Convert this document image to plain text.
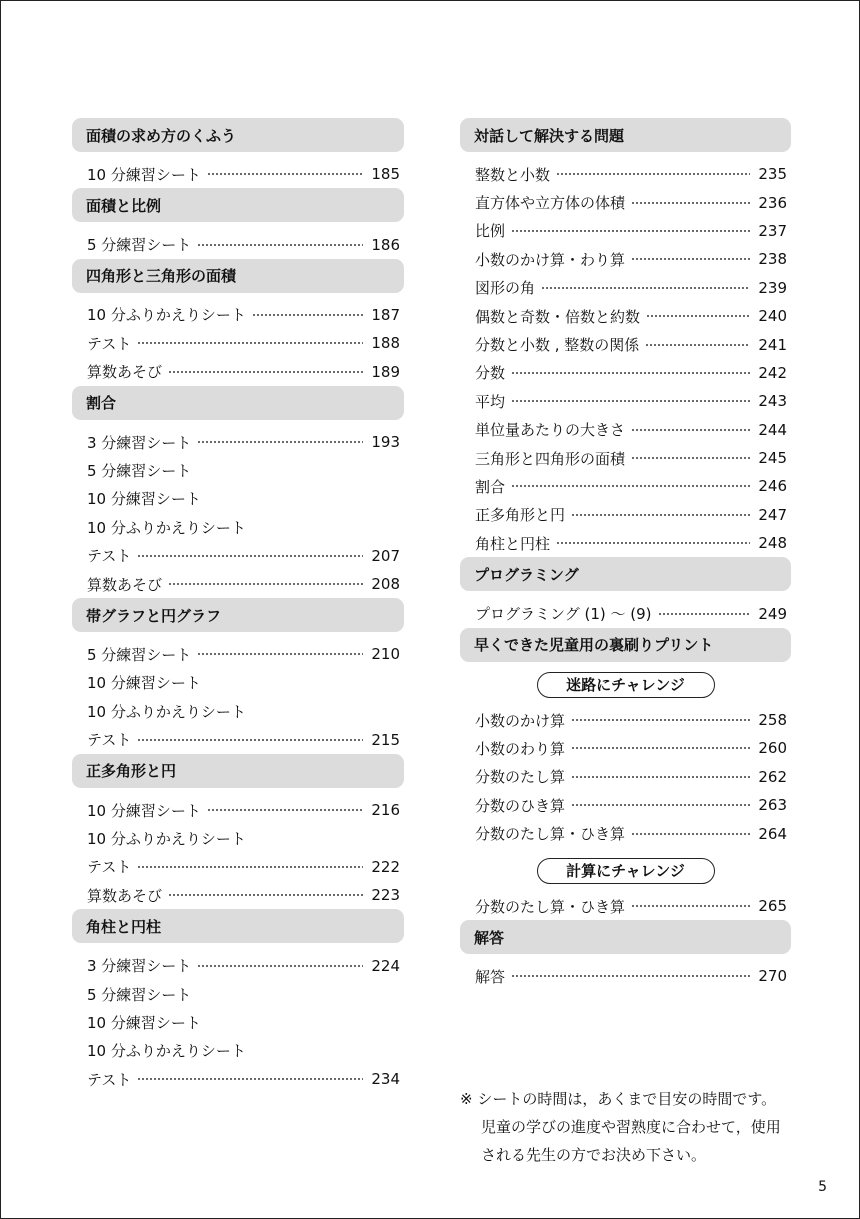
面積の求め方のくふう
10 分練習シート	185
面積と比例
5 分練習シート	186
四角形と三角形の面積
10 分ふりかえりシート	187
テスト	188
算数あそび	189
割合
3 分練習シート	193
5 分練習シート
10 分練習シート
10 分ふりかえりシート
テスト	207
算数あそび	208
帯グラフと円グラフ
5 分練習シート	210
10 分練習シート
10 分ふりかえりシート
テスト	215
正多角形と円
10 分練習シート	216
10 分ふりかえりシート
テスト	222
算数あそび	223
角柱と円柱
3 分練習シート	224
5 分練習シート
10 分練習シート
10 分ふりかえりシート
テスト	234
対話して解決する問題
整数と小数	235
直方体や立方体の体積	236
比例	237
小数のかけ算・わり算	238
図形の角	239
偶数と奇数・倍数と約数	240
分数と小数 , 整数の関係	241
分数	242
平均	243
単位量あたりの大きさ	244
三角形と四角形の面積	245
割合	246
正多角形と円	247
角柱と円柱	248
プログラミング
プログラミング (1) 〜 (9)	249
早くできた児童用の裏刷りプリント
迷路にチャレンジ
小数のかけ算	258
小数のわり算	260
分数のたし算	262
分数のひき算	263
分数のたし算・ひき算	264
計算にチャレンジ
分数のたし算・ひき算	265
解答
解答	270
※ シートの時間は，あくまで目安の時間です。
児童の学びの進度や習熟度に合わせて，使用
される先生の方でお決め下さい。
5
